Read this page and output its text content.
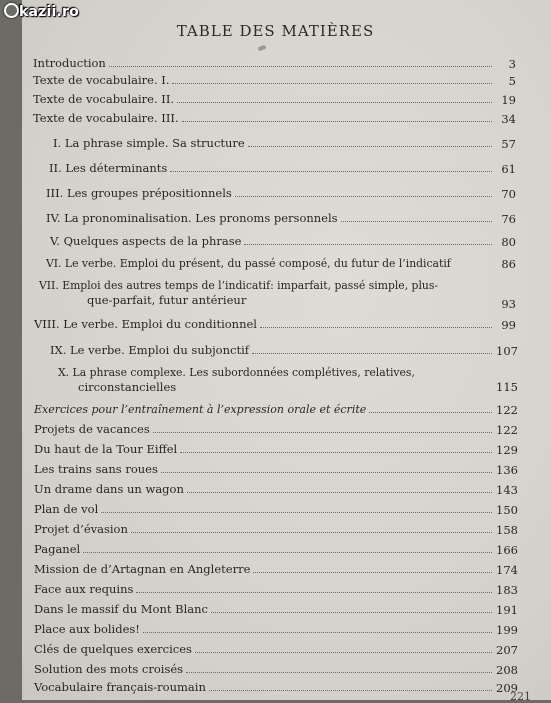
kazii.ro
TABLE DES MATIÈRES
Introduction	3
Texte de vocabulaire. I.	5
Texte de vocabulaire. II.	19
Texte de vocabulaire. III.	34
I. La phrase simple. Sa structure	57
II. Les déterminants	61
III. Les groupes prépositionnels	70
IV. La pronominalisation. Les pronoms personnels	76
V. Quelques aspects de la phrase	80
VI. Le verbe. Emploi du présent, du passé composé, du futur de l’indicatif	86
VII. Emploi des autres temps de l’indicatif: imparfait, passé simple, plus-
que-parfait, futur antérieur	93
VIII. Le verbe. Emploi du conditionnel	99
IX. Le verbe. Emploi du subjonctif	107
X. La phrase complexe. Les subordonnées complétives, relatives,
circonstancielles	115
Exercices pour l’entraînement à l’expression orale et écrite	122
Projets de vacances	122
Du haut de la Tour Eiffel	129
Les trains sans roues	136
Un drame dans un wagon	143
Plan de vol	150
Projet d’évasion	158
Paganel	166
Mission de d’Artagnan en Angleterre	174
Face aux requins	183
Dans le massif du Mont Blanc	191
Place aux bolides!	199
Clés de quelques exercices	207
Solution des mots croisés	208
Vocabulaire français-roumain	209
221
